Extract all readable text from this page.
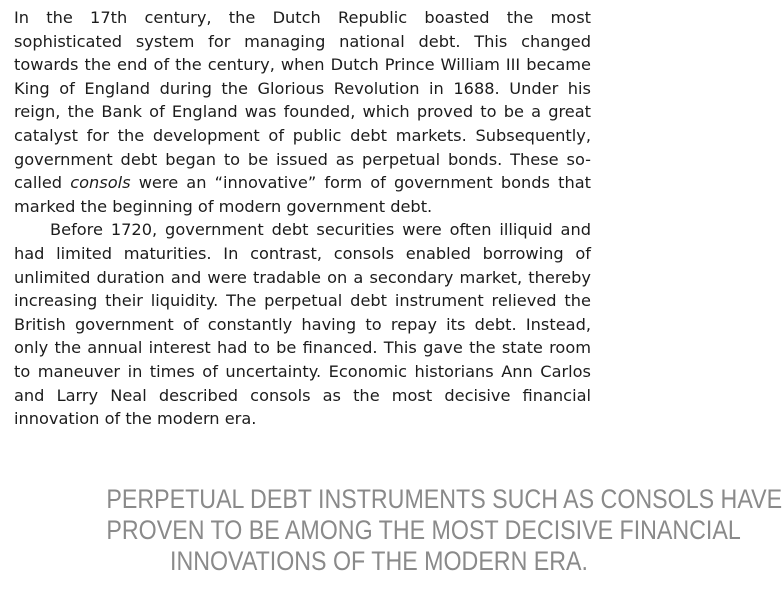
In the 17th century, the Dutch Republic boasted the most sophisticated system for managing national debt. This changed towards the end of the century, when Dutch Prince William III became King of England during the Glorious Revolution in 1688. Under his reign, the Bank of England was founded, which proved to be a great catalyst for the development of public debt markets. Subsequently, government debt began to be issued as perpetual bonds. These so-called consols were an “innovative” form of government bonds that marked the beginning of modern government debt.

Before 1720, government debt securities were often illiquid and had limited maturities. In contrast, consols enabled borrowing of unlimited duration and were tradable on a secondary market, thereby increasing their liquidity. The perpetual debt instrument relieved the British government of constantly having to repay its debt. Instead, only the annual interest had to be financed. This gave the state room to maneuver in times of uncertainty. Economic historians Ann Carlos and Larry Neal described consols as the most decisive financial innovation of the modern era.

PERPETUAL DEBT INSTRUMENTS SUCH AS CONSOLS HAVE
PROVEN TO BE AMONG THE MOST DECISIVE FINANCIAL
INNOVATIONS OF THE MODERN ERA.
